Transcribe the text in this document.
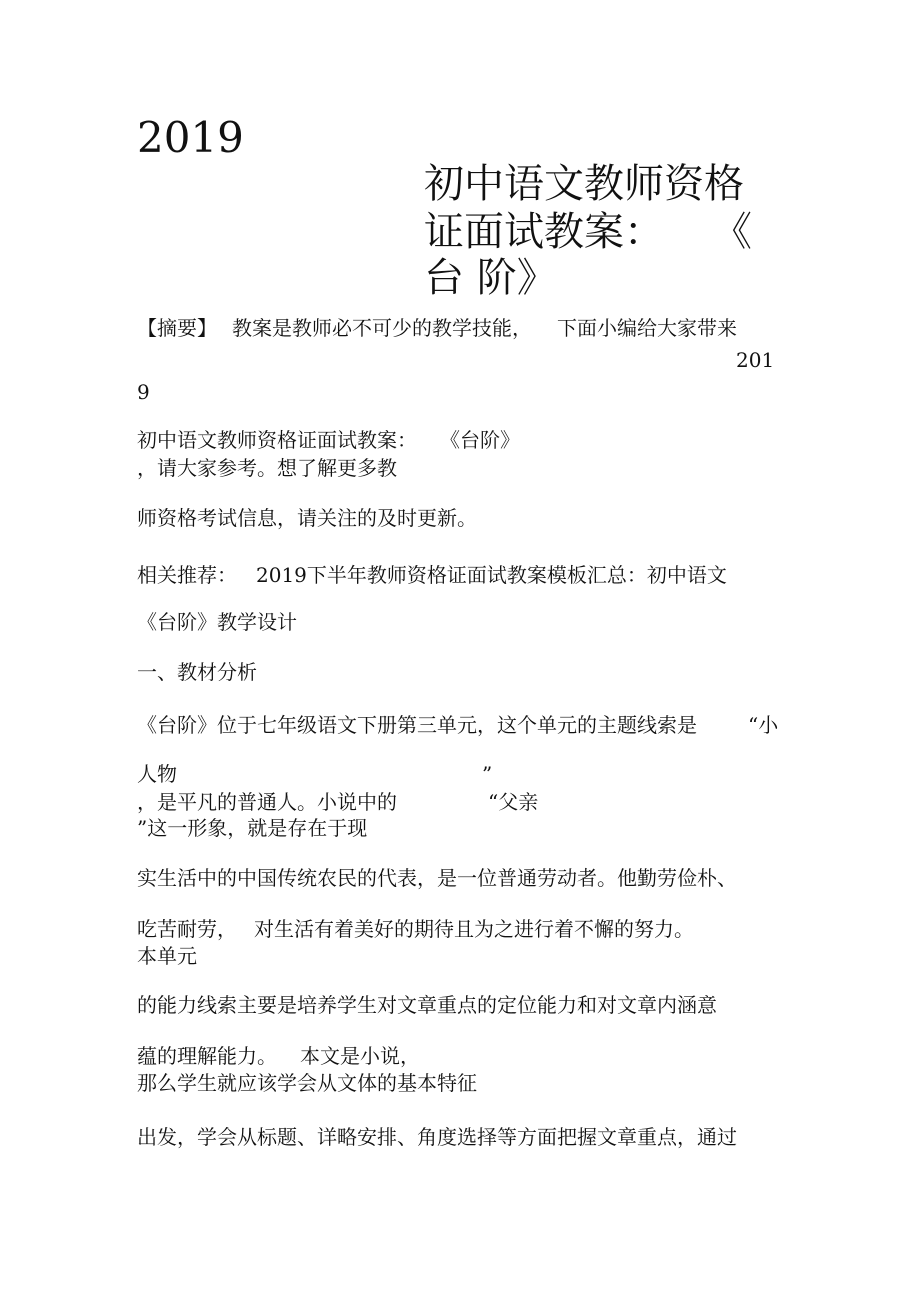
2019
初中语文教师资格
证面试教案： 《
台 阶》
【摘要】 教案是教师必不可少的教学技能， 下面小编给大家带来
201
9
初中语文教师资格证面试教案： 《台阶》
，请大家参考。想了解更多教
师资格考试信息，请关注的及时更新。
相关推荐： 2019下半年教师资格证面试教案模板汇总：初中语文
《台阶》教学设计
一、教材分析
《台阶》位于七年级语文下册第三单元，这个单元的主题线索是	“小
人物	”
，是平凡的普通人。小说中的	“父亲
”这一形象，就是存在于现
实生活中的中国传统农民的代表，是一位普通劳动者。他勤劳俭朴、
吃苦耐劳， 对生活有着美好的期待且为之进行着不懈的努力。
本单元
的能力线索主要是培养学生对文章重点的定位能力和对文章内涵意
蕴的理解能力。 本文是小说，
那么学生就应该学会从文体的基本特征
出发，学会从标题、详略安排、角度选择等方面把握文章重点，通过
